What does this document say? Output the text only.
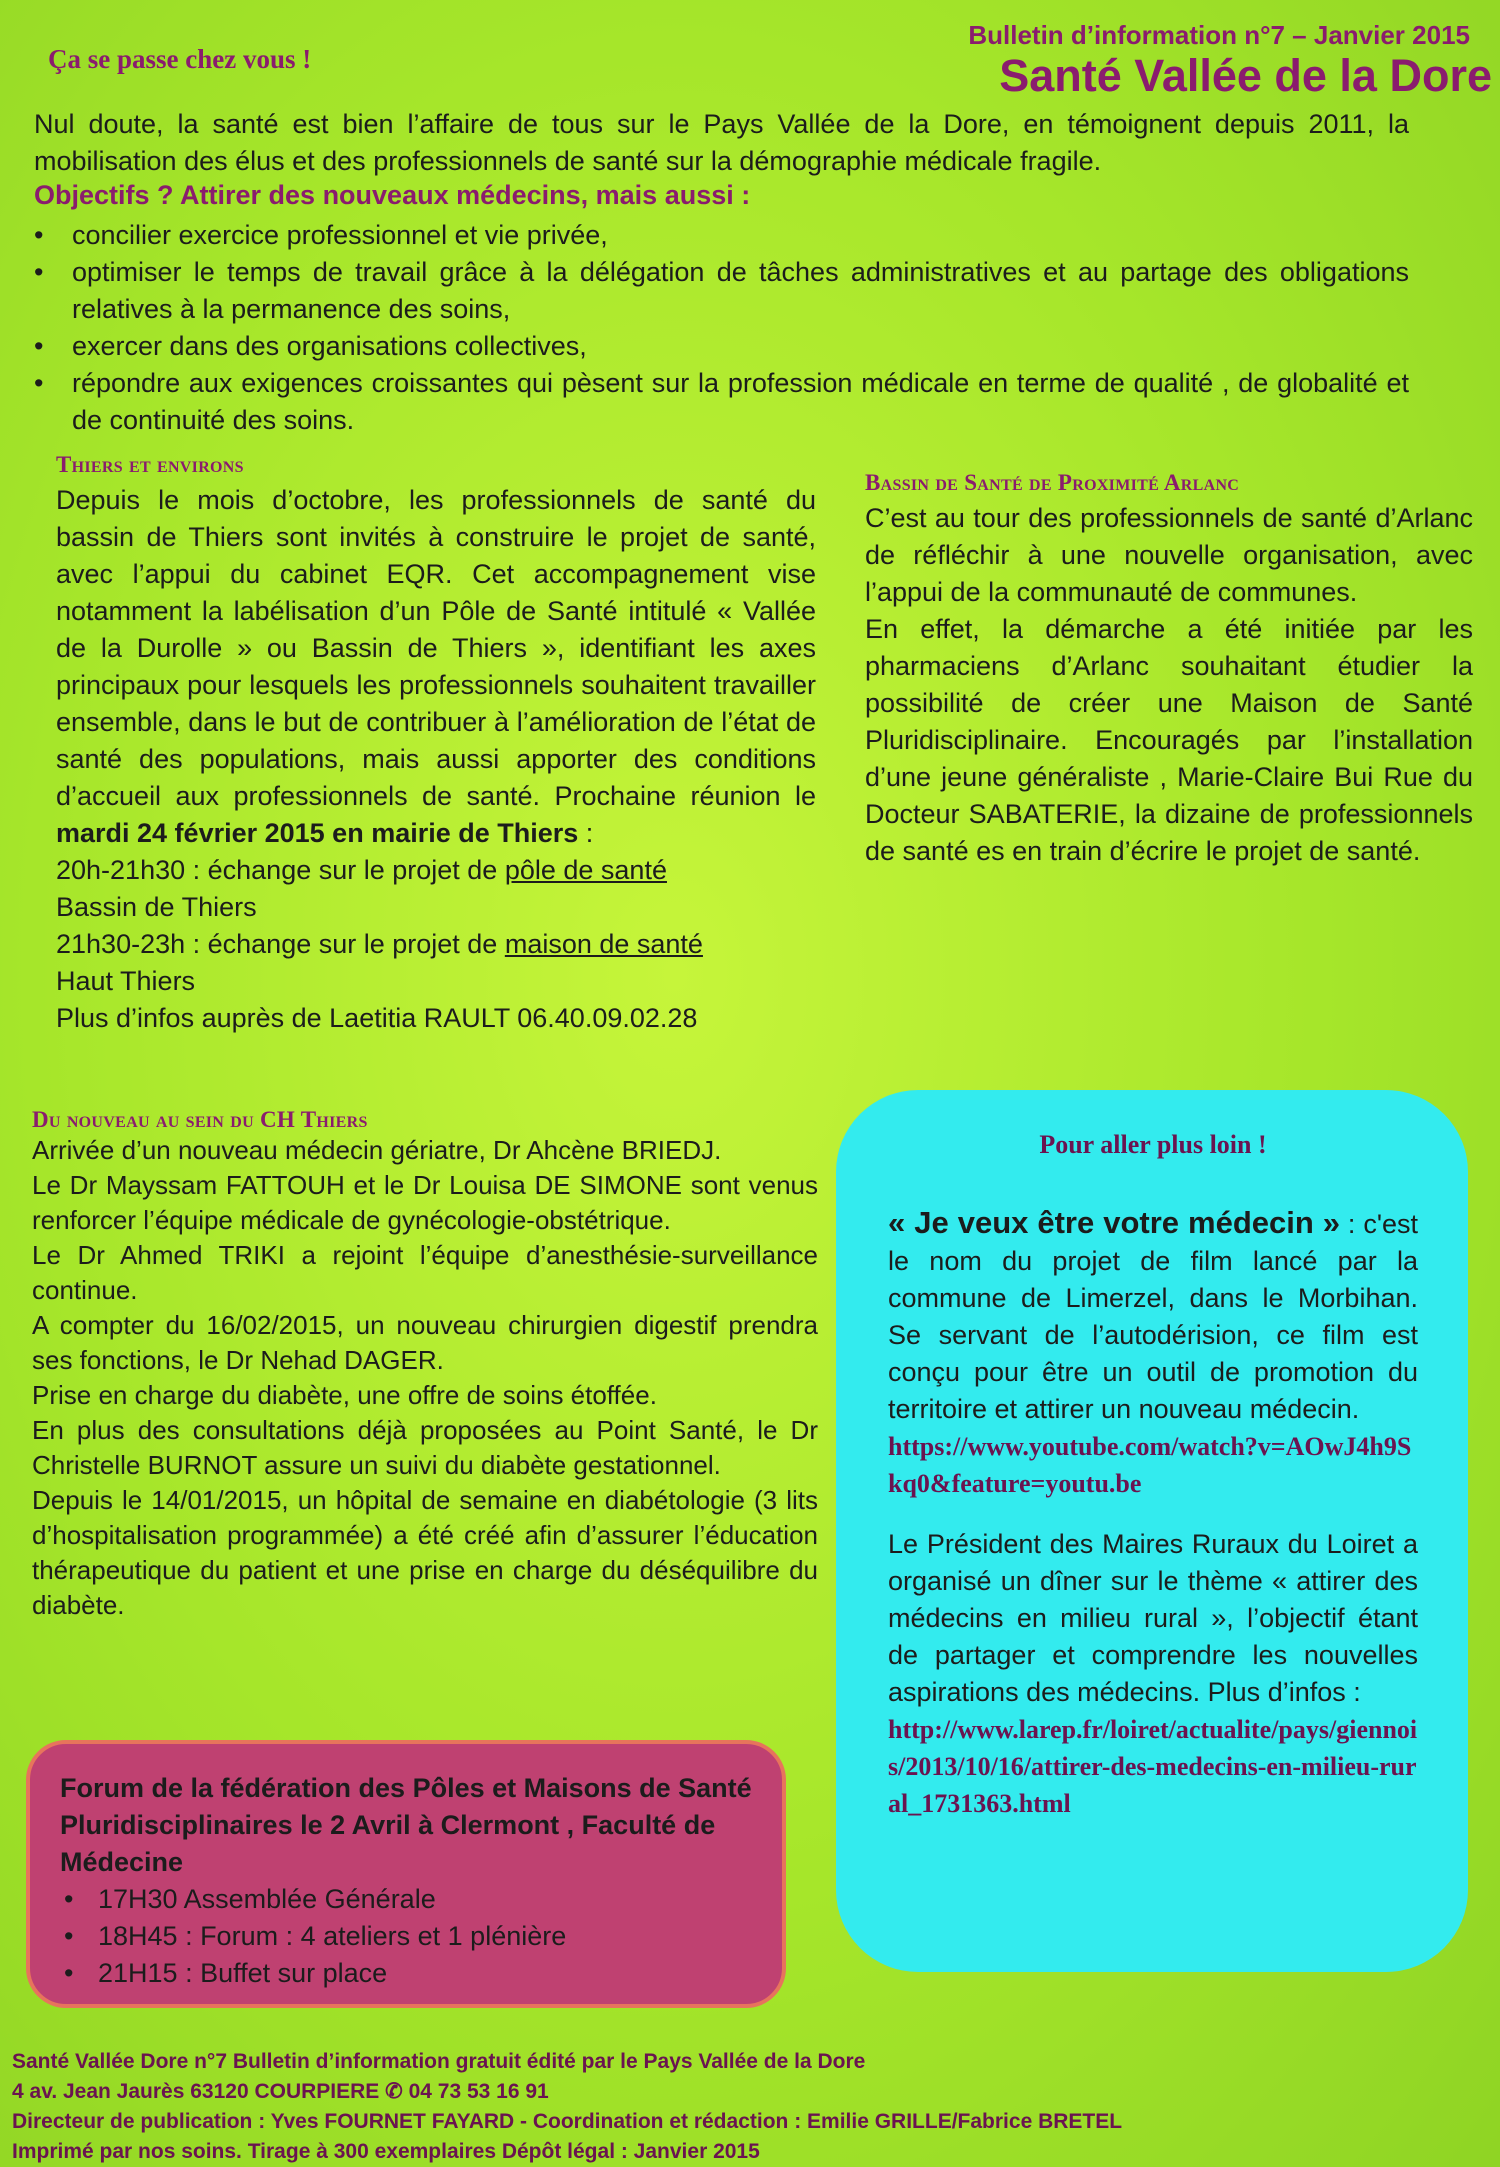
Ça se passe chez vous !
Bulletin d’information n°7 – Janvier 2015
Santé Vallée de la Dore

Nul doute, la santé est bien l’affaire de tous sur le Pays Vallée de la Dore, en témoignent depuis 2011, la mobilisation des élus et des professionnels de santé sur la démographie médicale fragile.

Objectifs ? Attirer des nouveaux médecins, mais aussi :
• concilier exercice professionnel et vie privée,
• optimiser le temps de travail grâce à la délégation de tâches administratives et au partage des obligations relatives à la permanence des soins,
• exercer dans des organisations collectives,
• répondre aux exigences croissantes qui pèsent sur la profession médicale en terme de qualité , de globalité et de continuité des soins.
Thiers et environs

Depuis le mois d’octobre, les professionnels de santé du bassin de Thiers sont invités à construire le projet de santé, avec l’appui du cabinet EQR. Cet accompagnement vise notamment la labélisation d’un Pôle de Santé intitulé « Vallée de la Durolle » ou Bassin de Thiers », identifiant les axes principaux pour lesquels les professionnels souhaitent travailler ensemble, dans le but de contribuer à l’amélioration de l’état de santé des populations, mais aussi apporter des conditions d’accueil aux professionnels de santé. Prochaine réunion le mardi 24 février 2015 en mairie de Thiers :

20h-21h30 : échange sur le projet de pôle de santé
Bassin de Thiers

21h30-23h : échange sur le projet de maison de santé
Haut Thiers

Plus d’infos auprès de Laetitia RAULT 06.40.09.02.28

Bassin de Santé de Proximité Arlanc

C’est au tour des professionnels de santé d’Arlanc de réfléchir à une nouvelle organisation, avec l’appui de la communauté de communes.

En effet, la démarche a été initiée par les pharmaciens d’Arlanc souhaitant étudier la possibilité de créer une Maison de Santé Pluridisciplinaire. Encouragés par l’installation d’une jeune généraliste , Marie-Claire Bui Rue du Docteur SABATERIE, la dizaine de professionnels de santé es en train d’écrire le projet de santé.

Du nouveau au sein du CH Thiers

Arrivée d’un nouveau médecin gériatre, Dr Ahcène BRIEDJ.

Le Dr Mayssam FATTOUH et le Dr Louisa DE SIMONE sont venus renforcer l’équipe médicale de gynécologie-obstétrique.

Le Dr Ahmed TRIKI a rejoint l’équipe d’anesthésie-surveillance continue.

A compter du 16/02/2015, un nouveau chirurgien digestif prendra ses fonctions, le Dr Nehad DAGER.

Prise en charge du diabète, une offre de soins étoffée.

En plus des consultations déjà proposées au Point Santé, le Dr Christelle BURNOT assure un suivi du diabète gestationnel.

Depuis le 14/01/2015, un hôpital de semaine en diabétologie (3 lits d’hospitalisation programmée) a été créé afin d’assurer l’éducation thérapeutique du patient et une prise en charge du déséquilibre du diabète.

Pour aller plus loin !

« Je veux être votre médecin » : c'est le nom du projet de film lancé par la commune de Limerzel, dans le Morbihan. Se servant de l’autodérision, ce film est conçu pour être un outil de promotion du territoire et attirer un nouveau médecin.

https://www.youtube.com/watch?v=AOwJ4h9Skq0&feature=youtu.be

Le Président des Maires Ruraux du Loiret a organisé un dîner sur le thème « attirer des médecins en milieu rural », l’objectif étant de partager et comprendre les nouvelles aspirations des médecins. Plus d’infos :

http://www.larep.fr/loiret/actualite/pays/giennois/2013/10/16/attirer-des-medecins-en-milieu-rural_1731363.html

Forum de la fédération des Pôles et Maisons de Santé Pluridisciplinaires le 2 Avril à Clermont , Faculté de Médecine

• 17H30 Assemblée Générale
• 18H45 : Forum : 4 ateliers et 1 plénière
• 21H15 : Buffet sur place
Santé Vallée Dore n°7 Bulletin d’information gratuit édité par le Pays Vallée de la Dore
4 av. Jean Jaurès 63120 COURPIERE ✆ 04 73 53 16 91
Directeur de publication : Yves FOURNET FAYARD - Coordination et rédaction : Emilie GRILLE/Fabrice BRETEL
Imprimé par nos soins. Tirage à 300 exemplaires Dépôt légal : Janvier 2015
